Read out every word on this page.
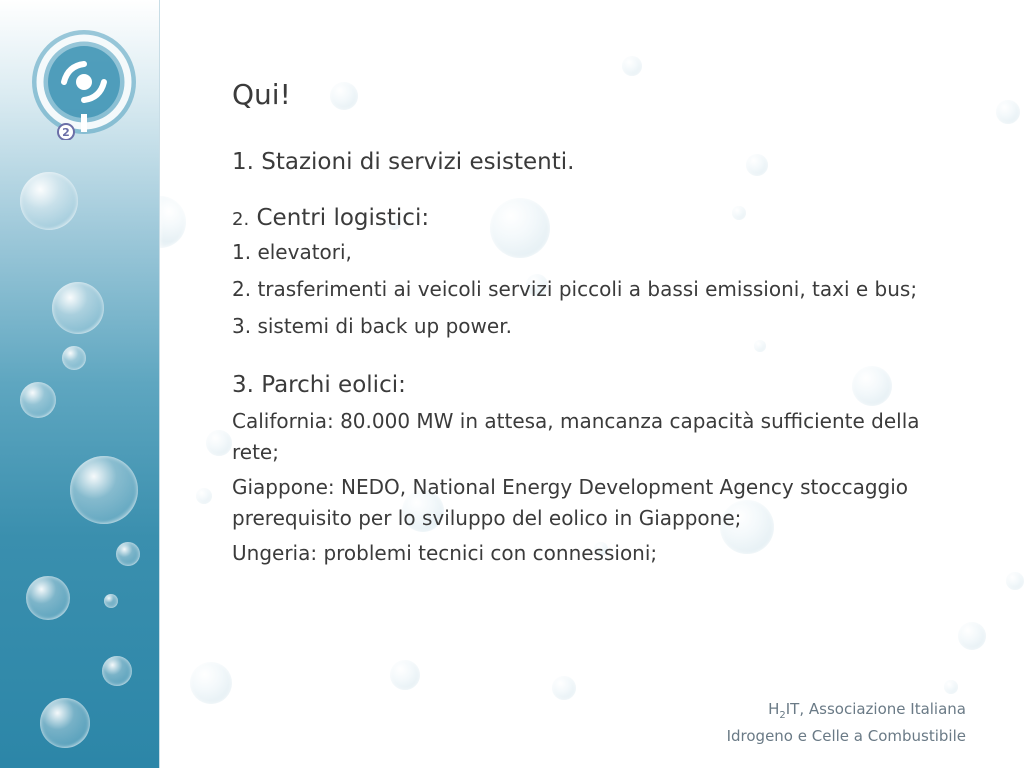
2
Qui!
1. Stazioni di servizi esistenti.
2. Centri logistici:
1. elevatori,
2. trasferimenti ai veicoli servizi piccoli a bassi emissioni, taxi e bus;
3. sistemi di back up power.
3. Parchi eolici:
California: 80.000 MW in attesa, mancanza capacità sufficiente della rete;
Giappone: NEDO, National Energy Development Agency stoccaggio prerequisito per lo sviluppo del eolico in Giappone;
Ungeria: problemi tecnici con connessioni;
$H_2IT$, Associazione Italiana
Idrogeno e Celle a Combustibile
